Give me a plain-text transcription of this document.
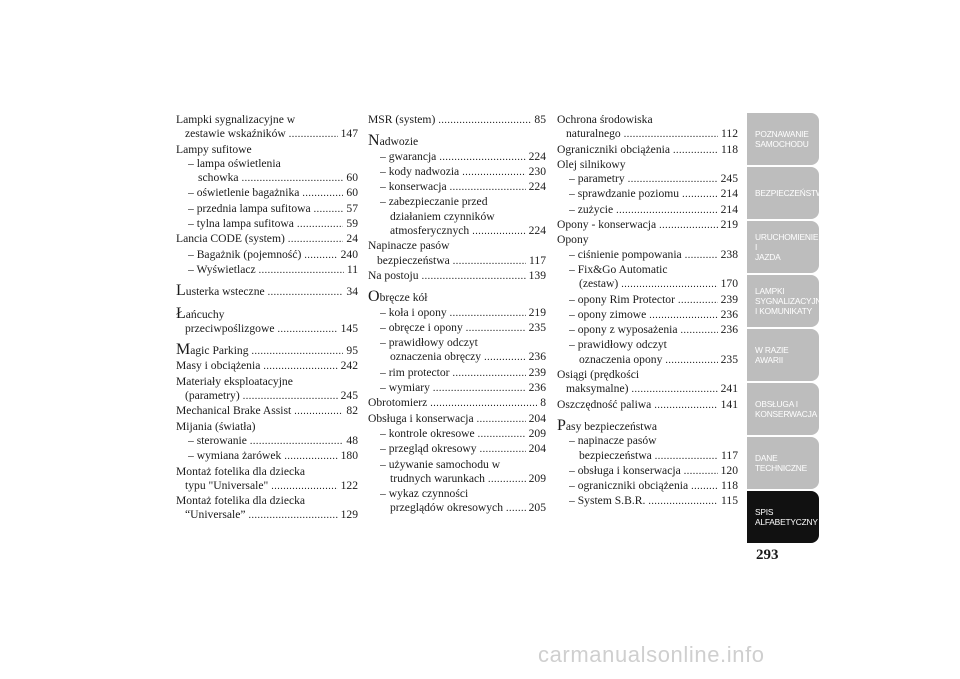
Lampki sygnalizacyjne w
zestawie wskaźników .....	147
Lampy sufitowe
– lampa oświetlenia
schowka .....	60
– oświetlenie bagażnika .....	60
– przednia lampa sufitowa .....	57
– tylna lampa sufitowa .....	59
Lancia CODE (system) .....	24
– Bagażnik (pojemność) .....	240
– Wyświetlacz .....	11
Lusterka wsteczne .....	34
Łańcuchy
przeciwpoślizgowe .....	145
Magic Parking .....	95
Masy i obciążenia .....	242
Materiały eksploatacyjne
(parametry) .....	245
Mechanical Brake Assist .....	82
Mijania (światła)
– sterowanie .....	48
– wymiana żarówek .....	180
Montaż fotelika dla dziecka
typu "Universale" .....	122
Montaż fotelika dla dziecka
“Universale” .....	129
MSR (system) .....	85
Nadwozie
– gwarancja .....	224
– kody nadwozia .....	230
– konserwacja .....	224
– zabezpieczanie przed
działaniem czynników
atmosferycznych .....	224
Napinacze pasów
bezpieczeństwa .....	117
Na postoju .....	139
Obręcze kół
– koła i opony .....	219
– obręcze i opony .....	235
– prawidłowy odczyt
oznaczenia obręczy .....	236
– rim protector .....	239
– wymiary .....	236
Obrotomierz .....	8
Obsługa i konserwacja .....	204
– kontrole okresowe .....	209
– przegląd okresowy .....	204
– używanie samochodu w
trudnych warunkach .....	209
– wykaz czynności
przeglądów okresowych ..... 205
Ochrona środowiska
naturalnego .....	112
Ograniczniki obciążenia .....	118
Olej silnikowy
– parametry .....	245
– sprawdzanie poziomu .....	214
– zużycie .....	214
Opony - konserwacja .....	219
Opony
– ciśnienie pompowania .....	238
– Fix&Go Automatic
(zestaw) .....	170
– opony Rim Protector .....	239
– opony zimowe .....	236
– opony z wyposażenia .....	236
– prawidłowy odczyt
oznaczenia opony .....	235
Osiągi (prędkości
maksymalne) .....	241
Oszczędność paliwa .....	141
Pasy bezpieczeństwa
– napinacze pasów
bezpieczeństwa .....	117
– obsługa i konserwacja .....	120
– ograniczniki obciążenia .....	118
– System S.B.R. .....	115
POZNAWANIE
SAMOCHODU
BEZPIECZEŃSTWO
URUCHOMIENIE I
JAZDA
LAMPKI
SYGNALIZACYJNE
I KOMUNIKATY
W RAZIE AWARII
OBSŁUGA I
KONSERWACJA
DANE
TECHNICZNE
SPIS
ALFABETYCZNY
293
carmanualsonline.info
